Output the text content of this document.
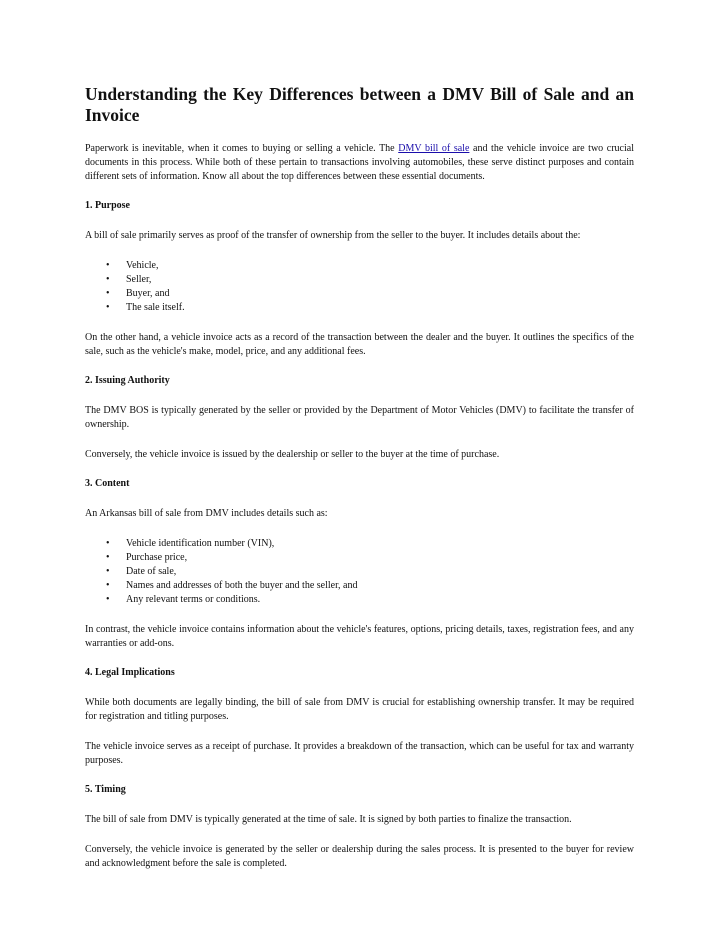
Understanding the Key Differences between a DMV Bill of Sale and an Invoice

Paperwork is inevitable, when it comes to buying or selling a vehicle. The DMV bill of sale and the vehicle invoice are two crucial documents in this process. While both of these pertain to transactions involving automobiles, these serve distinct purposes and contain different sets of information. Know all about the top differences between these essential documents.

1. Purpose

A bill of sale primarily serves as proof of the transfer of ownership from the seller to the buyer. It includes details about the:

• Vehicle,
• Seller,
• Buyer, and
• The sale itself.

On the other hand, a vehicle invoice acts as a record of the transaction between the dealer and the buyer. It outlines the specifics of the sale, such as the vehicle's make, model, price, and any additional fees.

2. Issuing Authority

The DMV BOS is typically generated by the seller or provided by the Department of Motor Vehicles (DMV) to facilitate the transfer of ownership.

Conversely, the vehicle invoice is issued by the dealership or seller to the buyer at the time of purchase.

3. Content

An Arkansas bill of sale from DMV includes details such as:

• Vehicle identification number (VIN),
• Purchase price,
• Date of sale,
• Names and addresses of both the buyer and the seller, and
• Any relevant terms or conditions.

In contrast, the vehicle invoice contains information about the vehicle's features, options, pricing details, taxes, registration fees, and any warranties or add-ons.

4. Legal Implications

While both documents are legally binding, the bill of sale from DMV is crucial for establishing ownership transfer. It may be required for registration and titling purposes.

The vehicle invoice serves as a receipt of purchase. It provides a breakdown of the transaction, which can be useful for tax and warranty purposes.

5. Timing

The bill of sale from DMV is typically generated at the time of sale. It is signed by both parties to finalize the transaction.

Conversely, the vehicle invoice is generated by the seller or dealership during the sales process. It is presented to the buyer for review and acknowledgment before the sale is completed.
